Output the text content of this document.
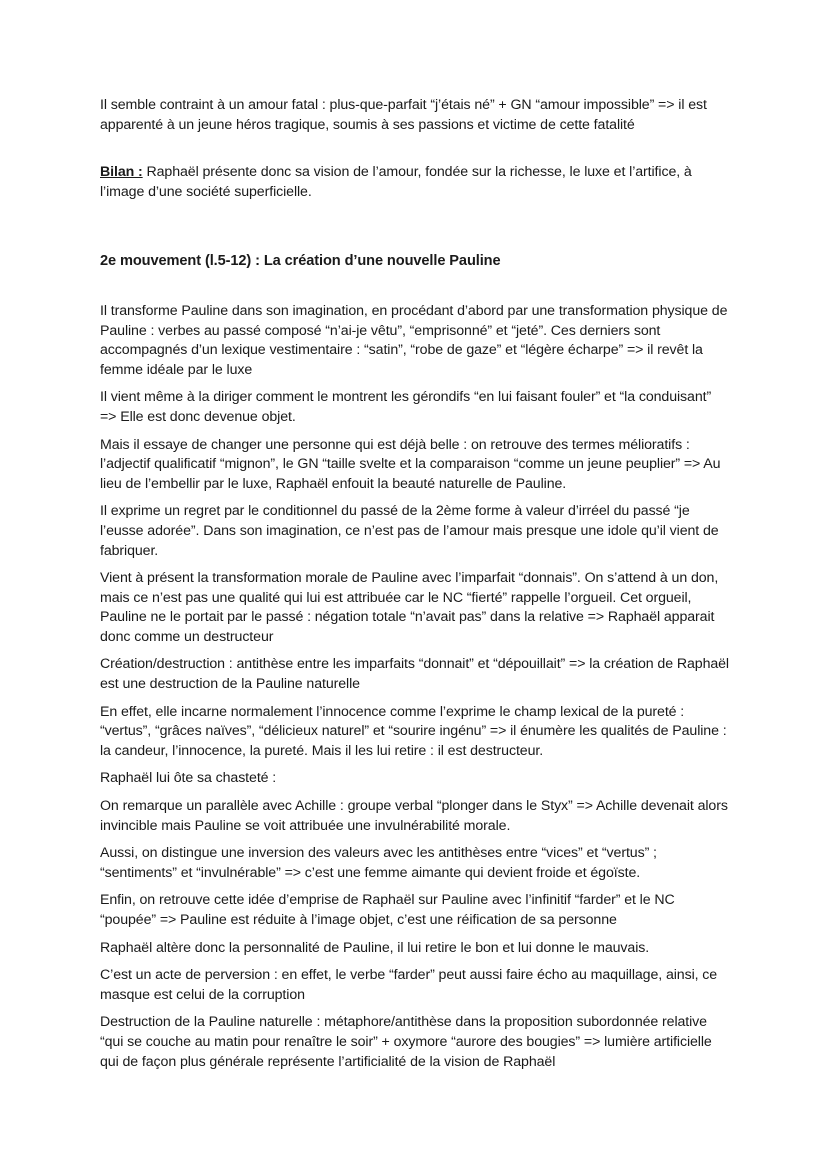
Il semble contraint à un amour fatal : plus-que-parfait “j’étais né” + GN “amour impossible” => il est apparenté à un jeune héros tragique, soumis à ses passions et victime de cette fatalité

Bilan : Raphaël présente donc sa vision de l’amour, fondée sur la richesse, le luxe et l’artifice, à l’image d’une société superficielle.

2e mouvement (l.5-12) : La création d’une nouvelle Pauline

Il transforme Pauline dans son imagination, en procédant d’abord par une transformation physique de Pauline : verbes au passé composé “n’ai-je vêtu”, “emprisonné” et “jeté”. Ces derniers sont accompagnés d’un lexique vestimentaire : “satin”, “robe de gaze” et “légère écharpe” => il revêt la femme idéale par le luxe

Il vient même à la diriger comment le montrent les gérondifs “en lui faisant fouler” et “la conduisant” => Elle est donc devenue objet.

Mais il essaye de changer une personne qui est déjà belle : on retrouve des termes mélioratifs : l’adjectif qualificatif “mignon”, le GN “taille svelte et la comparaison “comme un jeune peuplier” => Au lieu de l’embellir par le luxe, Raphaël enfouit la beauté naturelle de Pauline.

Il exprime un regret par le conditionnel du passé de la 2ème forme à valeur d’irréel du passé “je l’eusse adorée”. Dans son imagination, ce n’est pas de l’amour mais presque une idole qu’il vient de fabriquer.

Vient à présent la transformation morale de Pauline avec l’imparfait “donnais”. On s’attend à un don, mais ce n’est pas une qualité qui lui est attribuée car le NC “fierté” rappelle l’orgueil. Cet orgueil, Pauline ne le portait par le passé : négation totale “n’avait pas” dans la relative => Raphaël apparait donc comme un destructeur

Création/destruction : antithèse entre les imparfaits “donnait” et “dépouillait” => la création de Raphaël est une destruction de la Pauline naturelle

En effet, elle incarne normalement l’innocence comme l’exprime le champ lexical de la pureté : “vertus”, “grâces naïves”, “délicieux naturel” et “sourire ingénu” => il énumère les qualités de Pauline : la candeur, l’innocence, la pureté. Mais il les lui retire : il est destructeur.

Raphaël lui ôte sa chasteté :

On remarque un parallèle avec Achille : groupe verbal “plonger dans le Styx” => Achille devenait alors invincible mais Pauline se voit attribuée une invulnérabilité morale.

Aussi, on distingue une inversion des valeurs avec les antithèses entre “vices” et “vertus” ; “sentiments” et “invulnérable” => c’est une femme aimante qui devient froide et égoïste.

Enfin, on retrouve cette idée d’emprise de Raphaël sur Pauline avec l’infinitif “farder” et le NC “poupée” => Pauline est réduite à l’image objet, c’est une réification de sa personne

Raphaël altère donc la personnalité de Pauline, il lui retire le bon et lui donne le mauvais.

C’est un acte de perversion : en effet, le verbe “farder” peut aussi faire écho au maquillage, ainsi, ce masque est celui de la corruption

Destruction de la Pauline naturelle : métaphore/antithèse dans la proposition subordonnée relative “qui se couche au matin pour renaître le soir” + oxymore “aurore des bougies” => lumière artificielle qui de façon plus générale représente l’artificialité de la vision de Raphaël
